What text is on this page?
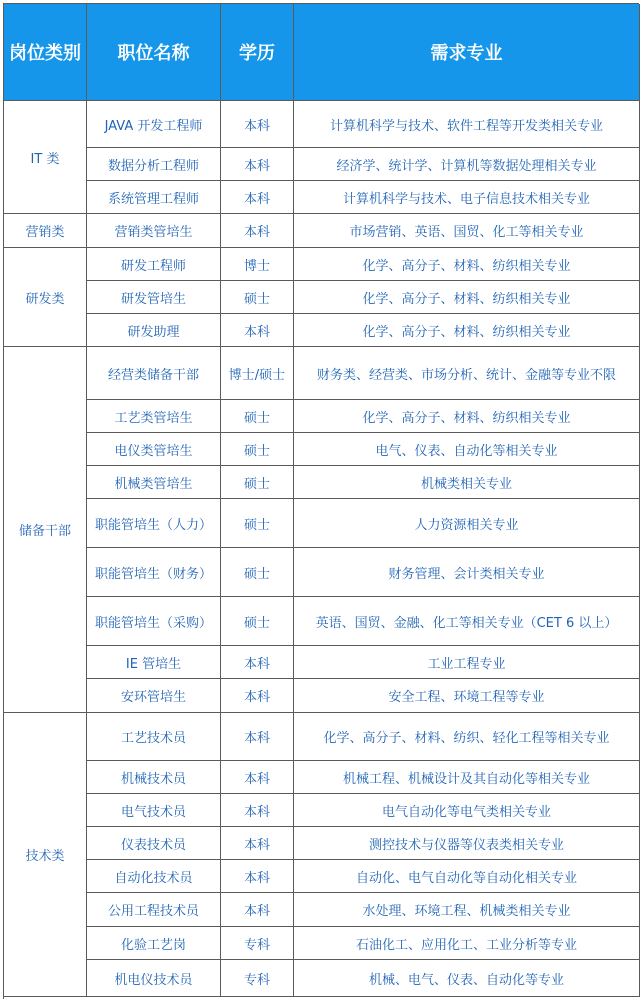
岗位类别	职位名称	学历	需求专业
IT 类
JAVA 开发工程师	本科	计算机科学与技术、软件工程等开发类相关专业
数据分析工程师	本科	经济学、统计学、计算机等数据处理相关专业
系统管理工程师	本科	计算机科学与技术、电子信息技术相关专业
营销类	营销类管培生	本科	市场营销、英语、国贸、化工等相关专业
研发类
研发工程师	博士	化学、高分子、材料、纺织相关专业
研发管培生	硕士	化学、高分子、材料、纺织相关专业
研发助理	本科	化学、高分子、材料、纺织相关专业
储备干部
经营类储备干部	博士/硕士	财务类、经营类、市场分析、统计、金融等专业不限
工艺类管培生	硕士	化学、高分子、材料、纺织相关专业
电仪类管培生	硕士	电气、仪表、自动化等相关专业
机械类管培生	硕士	机械类相关专业
职能管培生（人力）	硕士	人力资源相关专业
职能管培生（财务）	硕士	财务管理、会计类相关专业
职能管培生（采购）	硕士	英语、国贸、金融、化工等相关专业（CET 6 以上）
IE 管培生	本科	工业工程专业
安环管培生	本科	安全工程、环境工程等专业
技术类
工艺技术员	本科	化学、高分子、材料、纺织、轻化工程等相关专业
机械技术员	本科	机械工程、机械设计及其自动化等相关专业
电气技术员	本科	电气自动化等电气类相关专业
仪表技术员	本科	测控技术与仪器等仪表类相关专业
自动化技术员	本科	自动化、电气自动化等自动化相关专业
公用工程技术员	本科	水处理、环境工程、机械类相关专业
化验工艺岗	专科	石油化工、应用化工、工业分析等专业
机电仪技术员	专科	机械、电气、仪表、自动化等专业
